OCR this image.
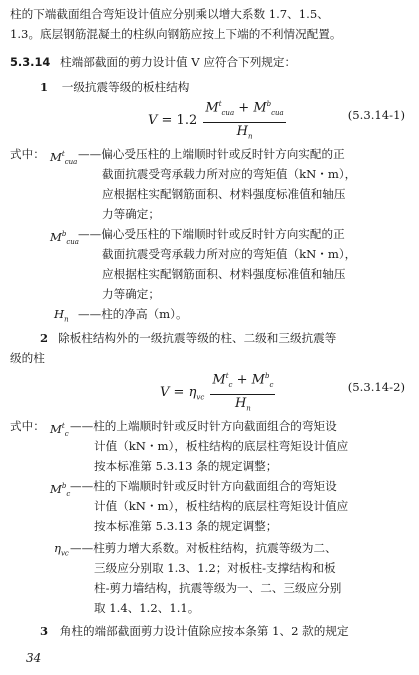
柱的下端截面组合弯矩设计值应分别乘以增大系数 1.7、1.5、
1.3。底层钢筋混凝土的柱纵向钢筋应按上下端的不利情况配置。
5.3.14 柱端部截面的剪力设计值 V 应符合下列规定：
1 一级抗震等级的板柱结构
$V = 1.2 \frac{M^t_{cua} + M^b_{cua}}{H_n}$	(5.3.14-1)
式中： $M^t_{cua}$
——偏心受压柱的上端顺时针或反时针方向实配的正
截面抗震受弯承载力所对应的弯矩值（kN・m），
应根据柱实配钢筋面积、材料强度标准值和轴压
力等确定；
$M^b_{cua}$
——偏心受压柱的下端顺时针或反时针方向实配的正
截面抗震受弯承载力所对应的弯矩值（kN・m），
应根据柱实配钢筋面积、材料强度标准值和轴压
力等确定；
$H_n$ ——柱的净高（m）。
2 除板柱结构外的一级抗震等级的柱、二级和三级抗震等
级的柱
$V = \eta_{vc} \frac{M^t_c + M^b_c}{H_n}$	(5.3.14-2)
式中： $M^t_c$
——柱的上端顺时针或反时针方向截面组合的弯矩设
计值（kN・m），板柱结构的底层柱弯矩设计值应
按本标准第 5.3.13 条的规定调整；
$M^b_c$
——柱的下端顺时针或反时针方向截面组合的弯矩设
计值（kN・m），板柱结构的底层柱弯矩设计值应
按本标准第 5.3.13 条的规定调整；
$\eta_{vc}$ ——柱剪力增大系数。对板柱结构，抗震等级为二、
三级应分别取 1.3、1.2；对板柱-支撑结构和板
柱-剪力墙结构，抗震等级为一、二、三级应分别
取 1.4、1.2、1.1。
3 角柱的端部截面剪力设计值除应按本条第 1、2 款的规定
34
